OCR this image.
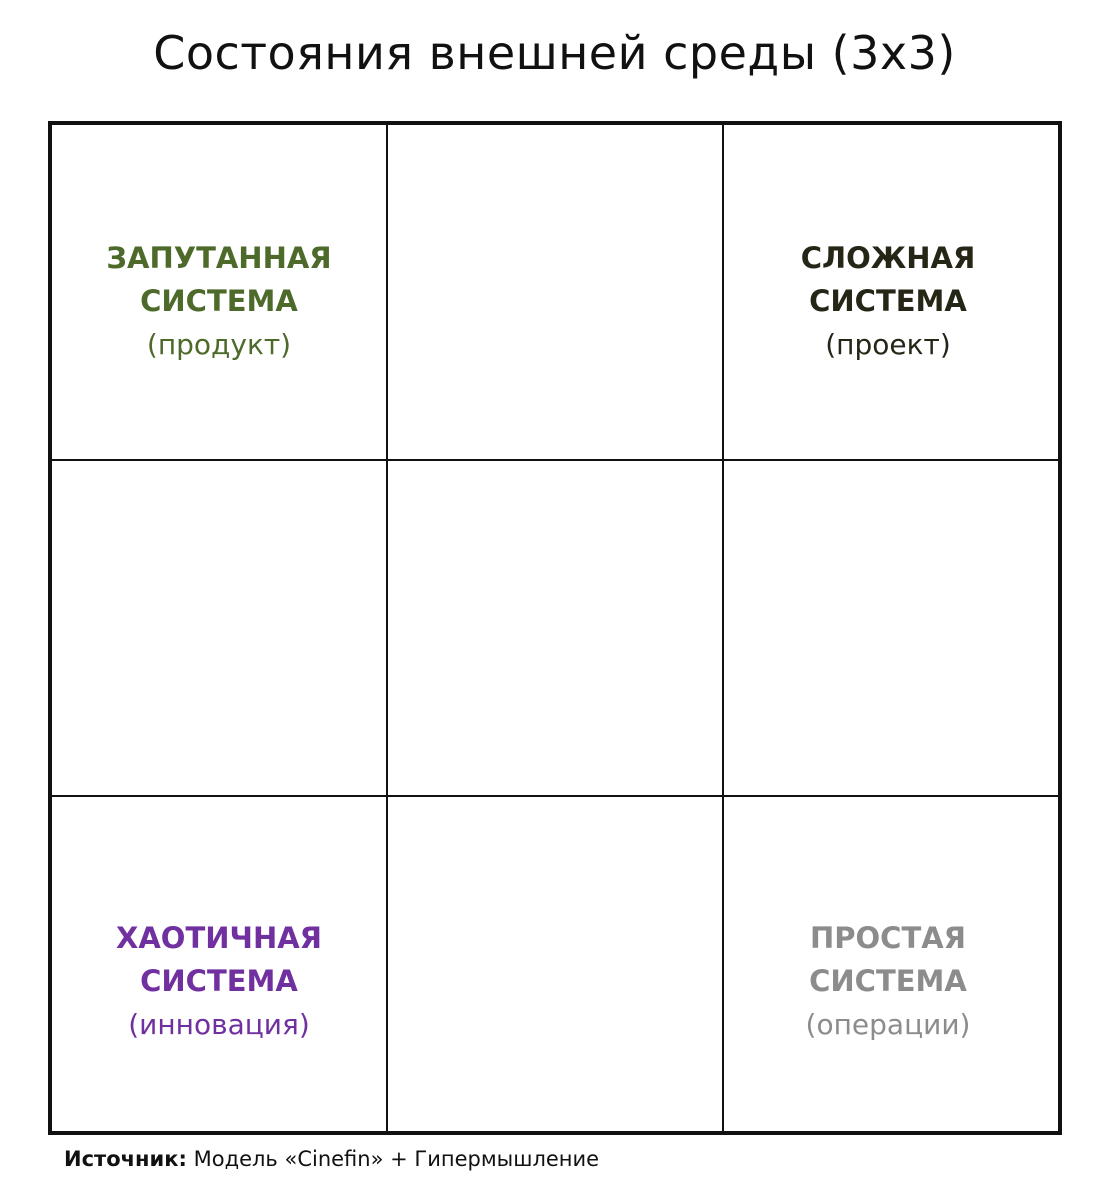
Состояния внешней среды (3х3)
ЗАПУТАННАЯ
СИСТЕМА
(продукт)
СЛОЖНАЯ
СИСТЕМА
(проект)
ХАОТИЧНАЯ
СИСТЕМА
(инновация)
ПРОСТАЯ
СИСТЕМА
(операции)
Источник: Модель «Cinefin» + Гипермышление
